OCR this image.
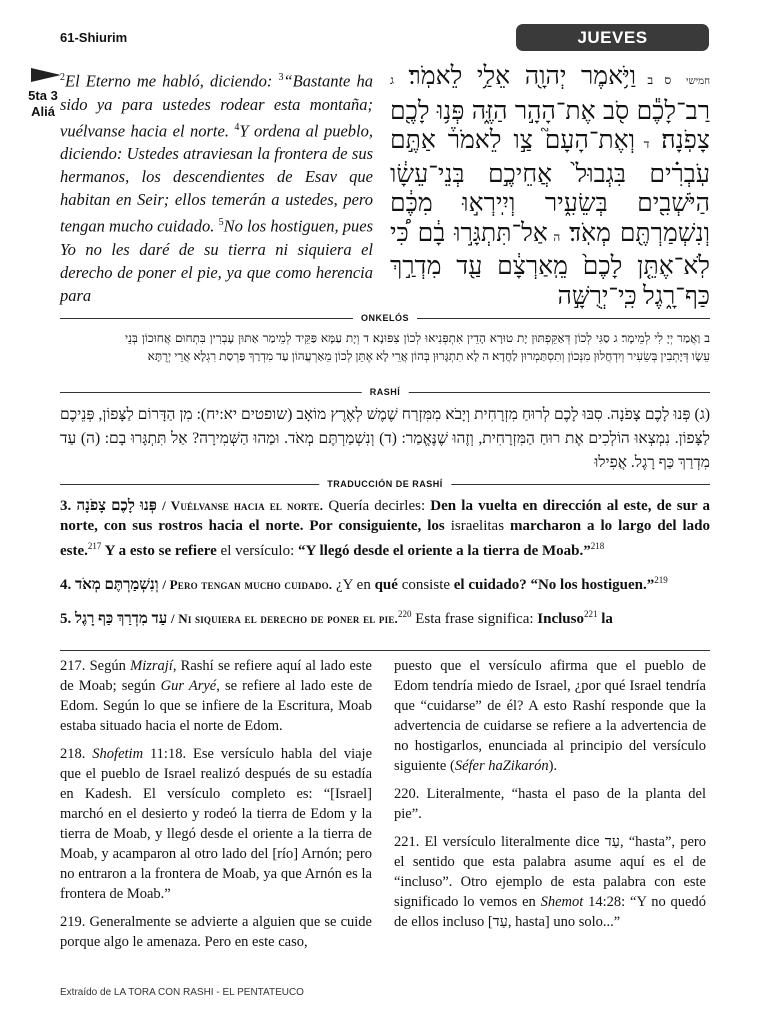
61-Shiurim	JUEVES
5ta 3
Aliá
$^2$El Eterno me habló, diciendo: $^3$“Bastante ha sido ya para ustedes rodear esta montaña; vuélvanse hacia el norte. $^4$Y ordena al pueblo, diciendo: Ustedes atraviesan la frontera de sus hermanos, los descendientes de Esav que habitan en Seir; ellos temerán a ustedes, pero tengan mucho cuidado. $^5$No los hostiguen, pues Yo no les daré de su tierra ni siquiera el derecho de poner el pie, ya que como herencia para
חמישי ס ב וַיֹּ֥אמֶר יְהוָ֖ה אֵלַ֥י לֵאמֹֽר׃ ג רַב־לָכֶ֕ם סֹ֖ב אֶת־הָהָ֣ר הַזֶּ֑ה פְּנ֥וּ לָכֶ֖ם צָפֹֽנָה׃ ד וְאֶת־הָעָם֮ צַ֣ו לֵאמֹר֒ אַתֶּ֣ם עֹֽבְרִ֗ים בִּגְבוּל֙ אֲחֵיכֶ֣ם בְּנֵי־עֵשָׂ֔ו הַיֹּשְׁבִ֖ים בְּשֵׂעִ֑יר וְיִֽירְא֣וּ מִכֶּ֔ם וְנִשְׁמַרְתֶּ֖ם מְאֹֽד׃ ה אַל־תִּתְגָּר֣וּ בָ֔ם כִּ֠י לֹֽא־אֶתֵּ֤ן לָכֶם֙ מֵֽאַרְצָ֔ם עַ֖ד מִדְרַ֣ךְ כַּף־רָ֑גֶל כִּֽי־יְרֻשָּׁ֣ה
ONKELÓS
ב וַאֲמַר יְיָ לִי לְמֵימָר׃ ג סַגִּי לְכוֹן דְּאַקֵּפְתּוּן יָת טוּרָא הָדֵין אִתְפְּנִיאוּ לְכוֹן צִפּוּנָא׃ ד וְיָת עַמָּא פַּקֵּיד לְמֵימַר אַתּוּן עָבְרִין בִּתְחוּם אֲחוּכוֹן בְּנֵי עֵשָׂו דְּיָתְבִין בְּשֵׂעִיר וְיִדְחֲלוּן מִנְּכוֹן וְתִסְתַּמְרוּן לַחֲדָא׃ ה לָא תִתְגָּרוּן בְּהוֹן אֲרֵי לָא אֶתֵּן לְכוֹן מֵאַרְעֲהוֹן עַד מִדְרַךְ פַּרְסַת רִגְלָא אֲרֵי יְרֻתָּא
RASHÍ
(ג) פְּנוּ לָכֶם צָפֹנָה. סִבּוּ לָכֶם לְרוּחַ מִזְרָחִית וְיָבֹא מִמִּזְרַח שֶׁמֶשׁ לְאֶרֶץ מוֹאָב (שופטים יא:יח): מִן הַדָּרוֹם לַצָּפוֹן, פְּנֵיכֶם לַצָּפוֹן. נִמְצְאוּ הוֹלְכִים אֶת רוּחַ הַמִּזְרָחִית, וְזֶהוּ שֶׁנֶּאֱמַר: (ד) וְנִשְׁמַרְתֶּם מְאֹד. וּמַהוּ הַשְּׁמִירָה? אַל תִּתְגָּרוּ בָם: (ה) עַד מִדְרַךְ כַּף רָגֶל. אֲפִילוּ
TRADUCCIÓN DE RASHÍ

3. פְּנוּ לָכֶם צָפֹנָה / Vuélvanse hacia el norte. Quería decirles: Den la vuelta en dirección al este, de sur a norte, con sus rostros hacia el norte. Por consiguiente, los israelitas marcharon a lo largo del lado este.$^{217}$ Y a esto se refiere el versículo: “Y llegó desde el oriente a la tierra de Moab.”$^{218}$

4. וְנִשְׁמַרְתֶּם מְאֹד / Pero tengan mucho cuidado. ¿Y en qué consiste el cuidado? “No los hostiguen.”$^{219}$

5. עַד מִדְרַךְ כַּף רָגֶל / Ni siquiera el derecho de poner el pie.$^{220}$ Esta frase significa: Incluso$^{221}$ la

217. Según Mizrají, Rashí se refiere aquí al lado este de Moab; según Gur Aryé, se refiere al lado este de Edom. Según lo que se infiere de la Escritura, Moab estaba situado hacia el norte de Edom.

218. Shofetim 11:18. Ese versículo habla del viaje que el pueblo de Israel realizó después de su estadía en Kadesh. El versículo completo es: “[Israel] marchó en el desierto y rodeó la tierra de Edom y la tierra de Moab, y llegó desde el oriente a la tierra de Moab, y acamparon al otro lado del [río] Arnón; pero no entraron a la frontera de Moab, ya que Arnón es la frontera de Moab.”

219. Generalmente se advierte a alguien que se cuide porque algo le amenaza. Pero en este caso,

puesto que el versículo afirma que el pueblo de Edom tendría miedo de Israel, ¿por qué Israel tendría que “cuidarse” de él? A esto Rashí responde que la advertencia de cuidarse se refiere a la advertencia de no hostigarlos, enunciada al principio del versículo siguiente (Séfer haZikarón).

220. Literalmente, “hasta el paso de la planta del pie”.

221. El versículo literalmente dice עַד, “hasta”, pero el sentido que esta palabra asume aquí es el de “incluso”. Otro ejemplo de esta palabra con este significado lo vemos en Shemot 14:28: “Y no quedó de ellos incluso [עַד, hasta] uno solo...”

Extraído de LA TORA CON RASHI - EL PENTATEUCO
